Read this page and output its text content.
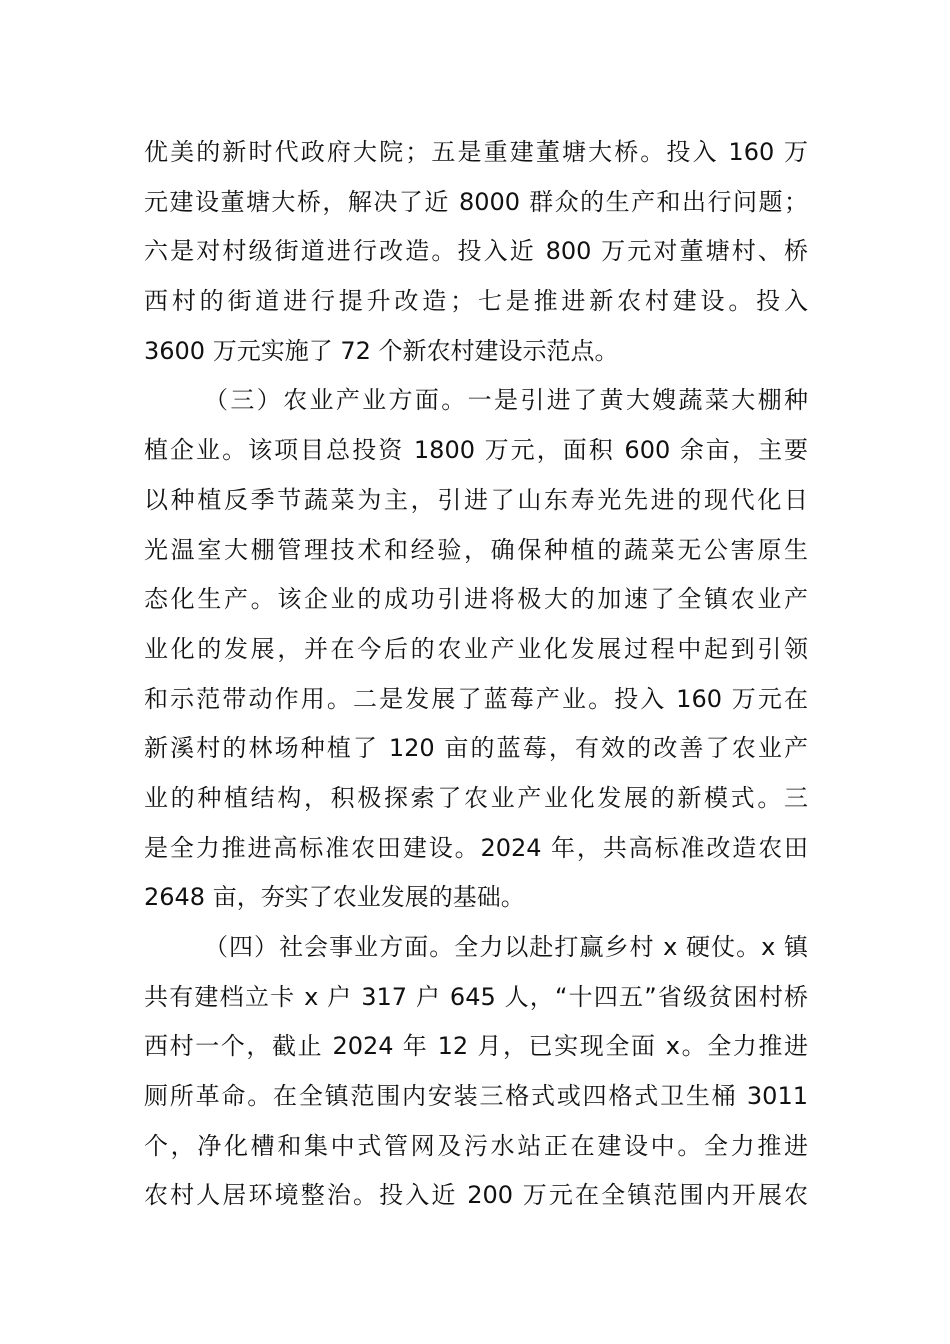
优美的新时代政府大院；五是重建董塘大桥。投入 160 万
元建设董塘大桥，解决了近 8000 群众的生产和出行问题；
六是对村级街道进行改造。投入近 800 万元对董塘村、桥
西村的街道进行提升改造；七是推进新农村建设。投入
3600 万元实施了 72 个新农村建设示范点。
（三）农业产业方面。一是引进了黄大嫂蔬菜大棚种
植企业。该项目总投资 1800 万元，面积 600 余亩，主要
以种植反季节蔬菜为主，引进了山东寿光先进的现代化日
光温室大棚管理技术和经验，确保种植的蔬菜无公害原生
态化生产。该企业的成功引进将极大的加速了全镇农业产
业化的发展，并在今后的农业产业化发展过程中起到引领
和示范带动作用。二是发展了蓝莓产业。投入 160 万元在
新溪村的林场种植了 120 亩的蓝莓，有效的改善了农业产
业的种植结构，积极探索了农业产业化发展的新模式。三
是全力推进高标准农田建设。2024 年，共高标准改造农田
2648 亩，夯实了农业发展的基础。
（四）社会事业方面。全力以赴打赢乡村 x 硬仗。x 镇
共有建档立卡 x 户 317 户 645 人，“十四五”省级贫困村桥
西村一个，截止 2024 年 12 月，已实现全面 x。全力推进
厕所革命。在全镇范围内安装三格式或四格式卫生桶 3011
个，净化槽和集中式管网及污水站正在建设中。全力推进
农村人居环境整治。投入近 200 万元在全镇范围内开展农
